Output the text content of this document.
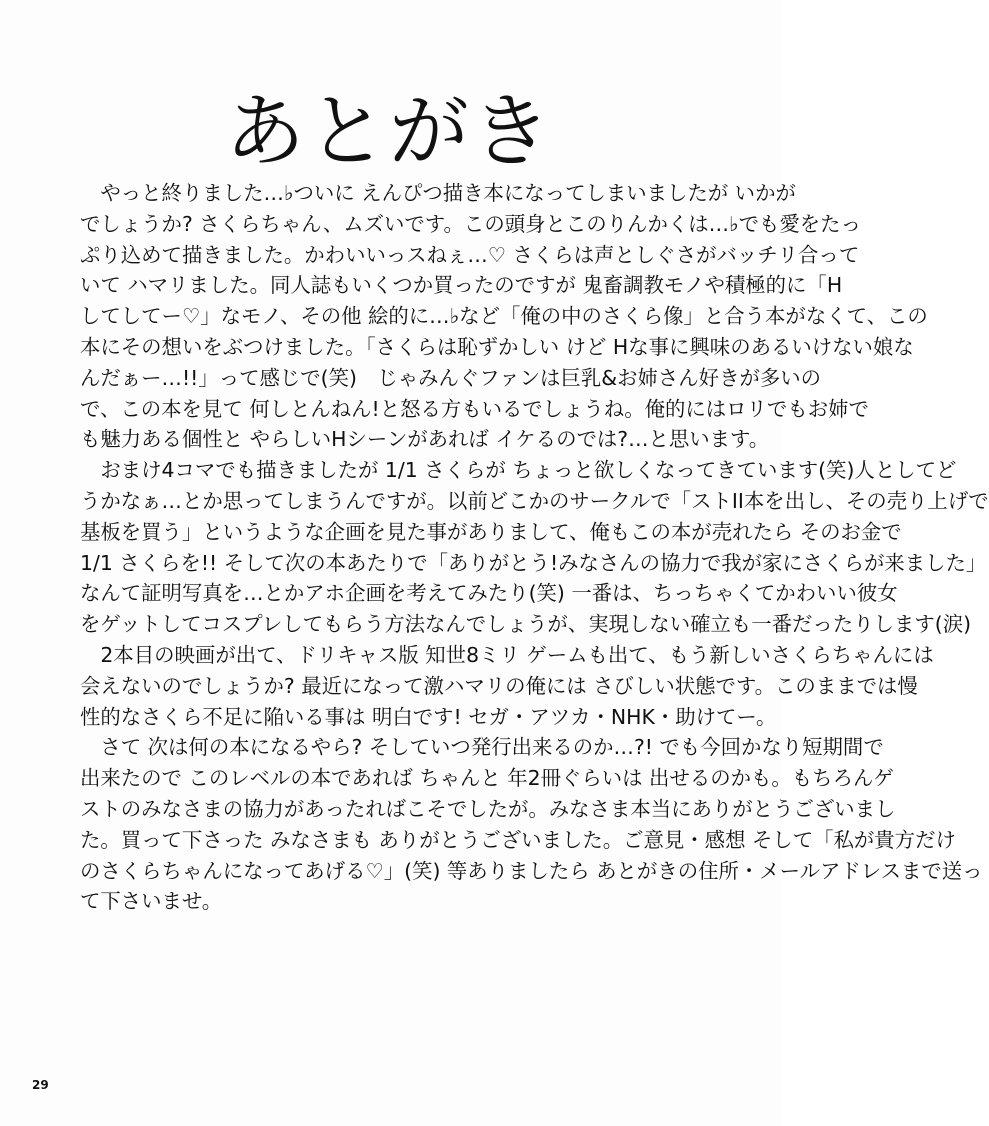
あとがき
やっと終りました…♭ついに えんぴつ描き本になってしまいましたが いかが
でしょうか? さくらちゃん、ムズいです。この頭身とこのりんかくは…♭でも愛をたっ
ぷり込めて描きました。かわいいっスねぇ…♡ さくらは声としぐさがバッチリ合って
いて ハマリました。同人誌もいくつか買ったのですが 鬼畜調教モノや積極的に「H
してしてー♡」なモノ、その他 絵的に…♭など「俺の中のさくら像」と合う本がなくて、この
本にその想いをぶつけました。「さくらは恥ずかしい けど Hな事に興味のあるいけない娘な
んだぁー…!!」って感じで(笑)　じゃみんぐファンは巨乳&お姉さん好きが多いの
で、この本を見て 何しとんねん!と怒る方もいるでしょうね。俺的にはロリでもお姉で
も魅力ある個性と やらしいHシーンがあれば イケるのでは?…と思います。
おまけ4コマでも描きましたが 1/1 さくらが ちょっと欲しくなってきています(笑)人としてど
うかなぁ…とか思ってしまうんですが。以前どこかのサークルで「ストII本を出し、その売り上げで
基板を買う」というような企画を見た事がありまして、俺もこの本が売れたら そのお金で
1/1 さくらを!! そして次の本あたりで「ありがとう!みなさんの協力で我が家にさくらが来ました」
なんて証明写真を…とかアホ企画を考えてみたり(笑) 一番は、ちっちゃくてかわいい彼女
をゲットしてコスプレしてもらう方法なんでしょうが、実現しない確立も一番だったりします(涙)
2本目の映画が出て、ドリキャス版 知世8ミリ ゲームも出て、もう新しいさくらちゃんには
会えないのでしょうか? 最近になって激ハマリの俺には さびしい状態です。このままでは慢
性的なさくら不足に陥いる事は 明白です! セガ・アツカ・NHK・助けてー。
さて 次は何の本になるやら? そしていつ発行出来るのか…?! でも今回かなり短期間で
出来たので このレベルの本であれば ちゃんと 年2冊ぐらいは 出せるのかも。もちろんゲ
ストのみなさまの協力があったればこそでしたが。みなさま本当にありがとうございまし
た。買って下さった みなさまも ありがとうございました。ご意見・感想 そして「私が貴方だけ
のさくらちゃんになってあげる♡」(笑) 等ありましたら あとがきの住所・メールアドレスまで送っ
て下さいませ。
29
